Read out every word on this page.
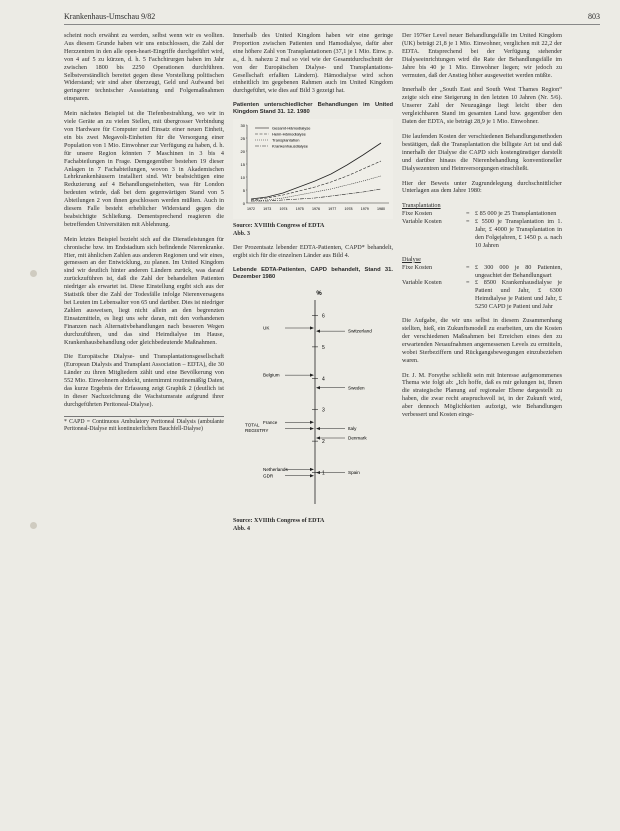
Krankenhaus-Umschau 9/82	803

scheint noch erwähnt zu werden, selbst wenn wir es wollten. Aus diesem Grunde haben wir uns entschlossen, die Zahl der Herzzentren in den alle open-heart-Eingriffe durchgeführt wird, von 4 auf 5 zu kürzen, d. h. 5 Fachchirurgen haben im Jahr zwischen 1800 bis 2250 Operationen durchführen. Selbstverständlich bereitet gegen diese Vorstellung politischen Widerstand; wir sind aber überzeugt, Geld und Aufwand bei geringerer technischer Ausstattung und Folgemaßnahmen einsparen.

Mein nächstes Beispiel ist die Tiefenbestrahlung, wo wir in viele Geräte an zu vielen Stellen, mit übergrosser Verbindung von Hardware für Computer und Einsatz einer neuen Einheit, ein bis zwei Megavolt-Einheiten für die Versorgung einer Population von 1 Mio. Einwohner zur Verfügung zu haben, d. h. für unsere Region könnten 7 Maschinen in 3 bis 4 Fachabteilungen in Frage. Demgegenüber bestehen 19 dieser Anlagen in 7 Fachabteilungen, wovon 3 in Akademischen Lehrkrankenhäusern installiert sind. Wir beabsichtigen eine Reduzierung auf 4 Behandlungseinheiten, was für London bedeuten würde, daß bei dem gegenwärtigen Stand von 5 Abteilungen 2 von ihnen geschlossen werden müßten. Auch in diesem Falle besteht erheblicher Widerstand gegen die beabsichtigte Schließung. Dementsprechend reagieren die betreffenden Universitäten mit Ablehnung.

Mein letztes Beispiel bezieht sich auf die Dienstleistungen für chronische bzw. im Endstadium sich befindende Nierenkranke. Hier, mit ähnlichen Zahlen aus anderen Regionen und wir eines, gemessen an der Entwicklung, zu planen. Im United Kingdom sind wir deutlich hinter anderen Ländern zurück, was darauf zurückzuführen ist, daß die Zahl der behandelten Patienten niedriger als erwartet ist. Diese Einstellung ergibt sich aus der Statistik über die Zahl der Todesfälle infolge Nierenversagens bei Leuten im Lebensalter von 65 und darüber. Dies ist niedriger Zahlen ausweisen, liegt nicht allein an den begrenzten Einsatzmitteln, es liegt uns sehr daran, mit den vorhandenen Finanzen nach Alternativbehandlungen nach besseren Wegen durchzuführen, und das sind Heimdialyse im Hause, Krankenhausbehandlung oder gleichbedeutende Maßnahmen.

Die Europäische Dialyse- und Transplantationsgesellschaft (European Dialysis and Transplant Association – EDTA), die 30 Länder zu ihren Mitgliedern zählt und eine Bevölkerung von 552 Mio. Einwohnern abdeckt, unternimmt routinemäßig Daten, das kurze Ergebnis der Erfassung zeigt Graphik 2 (deutlich ist in dieser Nachzeichnung die Wachstumsrate aufgrund ihrer durchgeführten Peritoneal-Dialyse).

* CAPD = Continuous Ambulatory Peritoneal Dialysis (ambulante Peritoneal-Dialyse mit kontinuierlichem Bauchfell-Dialyse)

Innerhalb des United Kingdom haben wir eine geringe Proportion zwischen Patienten und Hamodialyse, dafür aber eine höhere Zahl von Transplantationen (37,1 je 1 Mio. Einw. p. a., d. h. nahezu 2 mal so viel wie der Gesamtdurchschnitt der von der Europäischen Dialyse- und Transplantations-Gesellschaft erfaßten Ländern). Hämodialyse wird schon einheitlich im gegebenen Rahmen auch im United Kingdom durchgeführt, wie dies auf Bild 3 gezeigt hat.

Patienten unterschiedlicher Behandlungen im United Kingdom Stand 31. 12. 1980
30
25
20
15
10
5
0
1972 1973 1974 1975 1976 1977 1978 1979 1980
Gesamt-Hämodialyse
Heim-Hämodialyse
Transplantation
Krankenhausdialyse
Source: XVIIIth Congress of EDTA
Abb. 3

Der Prozentsatz lebender EDTA-Patienten, CAPD* behandelt, ergibt sich für die einzelnen Länder aus Bild 4.

Lebende EDTA-Patienten, CAPD behandelt, Stand 31. Dezember 1980
%
6
5
4
3
2
1
UK
Belgium
France
TOTAL
REGISTRY
Netherlands
GDR
Switzerland
Sweden
Italy
Denmark
Spain
Source: XVIIIth Congress of EDTA
Abb. 4

Der 1976er Level neuer Behandlungsfälle im United Kingdom (UK) beträgt 21,8 je 1 Mio. Einwohner, verglichen mit 22,2 der EDTA. Entsprechend bei der Verfügung stehender Dialyseeinrichtungen wird die Rate der Behandlungsfälle im Jahre bis 40 je 1 Mio. Einwohner liegen; wir jedoch zu vermuten, daß der Anstieg höher ausgeweitet werden müßte.

Innerhalb der „South East and South West Thames Region“ zeigte sich eine Steigerung in den letzten 10 Jahren (Nr. 5/6). Unserer Zahl der Neuzugänge liegt leicht über den vergleichbaren Stand im gesamten Land bzw. gegenüber den Daten der EDTA, sie beträgt 28,9 je 1 Mio. Einwohner.

Die laufenden Kosten der verschiedenen Behandlungsmethoden bestätigen, daß die Transplantation die billigste Art ist und daß innerhalb der Dialyse die CAPD sich kostengünstiger darstellt und darüber hinaus die Nierenbehandlung konventioneller Dialysezentren und Heimversorgungen einschließt.

Hier der Beweis unter Zugrundelegung durchschnittlicher Unterlagen aus dem Jahre 1980:

Transplantation
Fixe Kosten	= £ 85 000 je 25 Transplantationen
Variable Kosten	= £ 5500 je Transplantation im 1. Jahr, £ 4000 je Transplantation in den Folgejahren, £ 1450 p. a. nach 10 Jahren
Dialyse
Fixe Kosten	= £ 300 000 je 80 Patienten, ungeachtet der Behandlungsart
Variable Kosten	= £ 8500 Krankenhausdialyse je Patient und Jahr, £ 6300 Heimdialyse je Patient und Jahr, £ 5250 CAPD je Patient und Jahr

Die Aufgabe, die wir uns selbst in diesem Zusammenhang stellten, hieß, ein Zukunftsmodell zu erarbeiten, um die Kosten der verschiedenen Maßnahmen bei Erreichen eines den zu erwartenden Neuaufnahmen angemessenen Levels zu ermitteln, wobei Sterbeziffern und Rückgangsbewegungen einzubeziehen waren.

Dr. J. M. Forsythe schließt sein mit Interesse aufgenommenes Thema wie folgt ab: „Ich hoffe, daß es mir gelungen ist, Ihnen die strategische Planung auf regionaler Ebene dargestellt zu haben, die zwar recht anspruchsvoll ist, in der Zukunft wird, aber dennoch Möglichkeiten aufzeigt, wie Behandlungen verbessert und Kosten einge-
